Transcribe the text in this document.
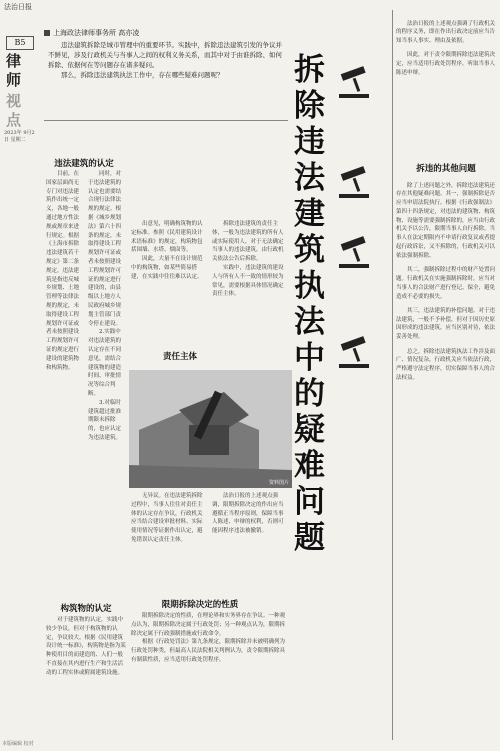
法治日报
B5
律师
视点
2023年 9月2日 星期二
上海政法律师事务所 高亦凌

违法建筑拆除是城市管理中的重要环节。实践中，拆除违法建筑引发的争议并不鲜见，涉及行政机关与当事人之间的权利义务关系，而其中对于由谁拆除、如何拆除、依据何在等问题存在诸多疑问。

那么，拆除违法建筑执法工作中，存在哪些疑难问题呢？	拆除违法建筑执法中的疑难问题
违法建筑的认定

目前，在国家层面尚无专门对违法建筑作出统一定义，各地一般通过地方性法规或规章来进行规定。根据《上海市拆除违法建筑若干规定》第二条规定，违法建筑是指违反城乡规划、土地管理等法律法规的规定，未取得建设工程规划许可证或者未按照建设工程规划许可证的规定进行建设的建筑物和构筑物。

同时，对于违法建筑的认定也需要结合现行法律法规的规定。根据《城乡规划法》第六十四条的规定，未取得建设工程规划许可证或者未按照建设工程规划许可证的规定进行建设的，由县级以上地方人民政府城乡规划主管部门责令停止建设。

2.实践中对违法建筑的认定存在不同意见，需结合建筑物的建造时间、审批情况等综合判断。

3.对临时建筑超过批准期限未拆除的，也应认定为违法建筑。

出意见，明确构筑物的认定标准。参照《民用建筑设计术语标准》的规定，构筑物包括围墙、水塔、烟囱等。

因此，大量不在设计规范中的构筑物，如某些简易搭建，在实践中往往难以认定。

责任主体

拆除违法建筑的责任主体，一般为违法建筑的所有人或实际使用人。对于无法确定当事人的违法建筑，由行政机关依法公告后拆除。

实践中，违法建筑的建设人与所有人不一致的情形较为常见，需要根据具体情况确定责任主体。

资料图片

无异议。在违法建筑拆除过程中，当事人往往对责任主体的认定存在争议，行政机关应当结合建设审批材料、实际使用情况等证据作出认定，避免错误认定责任主体。

法治日报的上述观点强调，限期拆除决定的作出应当遵循正当程序原则，保障当事人陈述、申辩的权利，否则可能因程序违法被撤销。

限期拆除决定的性质

限期拆除决定的性质，在理论界和实务界存在争议。一种观点认为，限期拆除决定属于行政处罚；另一种观点认为，限期拆除决定属于行政强制措施或行政命令。

根据《行政处罚法》第九条规定，限期拆除并未被明确列为行政处罚种类，但最高人民法院相关判例认为，责令限期拆除具有制裁性质，应当适用行政处罚程序。

构筑物的认定

对于建筑物的认定，实践中较少争议，但对于构筑物的认定，争议较大。根据《民用建筑设计统一标准》，构筑物是指为某种使用目的而建造的、人们一般不直接在其内进行生产和生活活动的工程实体或附属建筑设施。

法治日报的上述观点强调了行政机关的程序义务，即在作出行政决定前应当告知当事人事实、理由及依据。

因此，对于责令限期拆除违法建筑决定，应当适用行政处罚程序，听取当事人陈述申辩。

拆违的其他问题

除了上述问题之外，拆除违法建筑还存在其他疑难问题。其一，强制拆除是否应当申请法院执行。根据《行政强制法》第四十四条规定，对违法的建筑物、构筑物、设施等需要强制拆除的，应当由行政机关予以公告，限期当事人自行拆除。当事人在法定期限内不申请行政复议或者提起行政诉讼，又不拆除的，行政机关可以依法强制拆除。

其二，强制拆除过程中的财产处置问题。行政机关在实施强制拆除时，应当对当事人的合法财产进行登记、保全，避免造成不必要的损失。

其三，违法建筑的补偿问题。对于违法建筑，一般不予补偿，但对于因历史原因形成的违法建筑，应当区别对待，依法妥善处理。

总之，拆除违法建筑执法工作涉及面广、情况复杂，行政机关应当依法行政，严格遵守法定程序，切实保障当事人的合法权益。

本版编辑 校对
